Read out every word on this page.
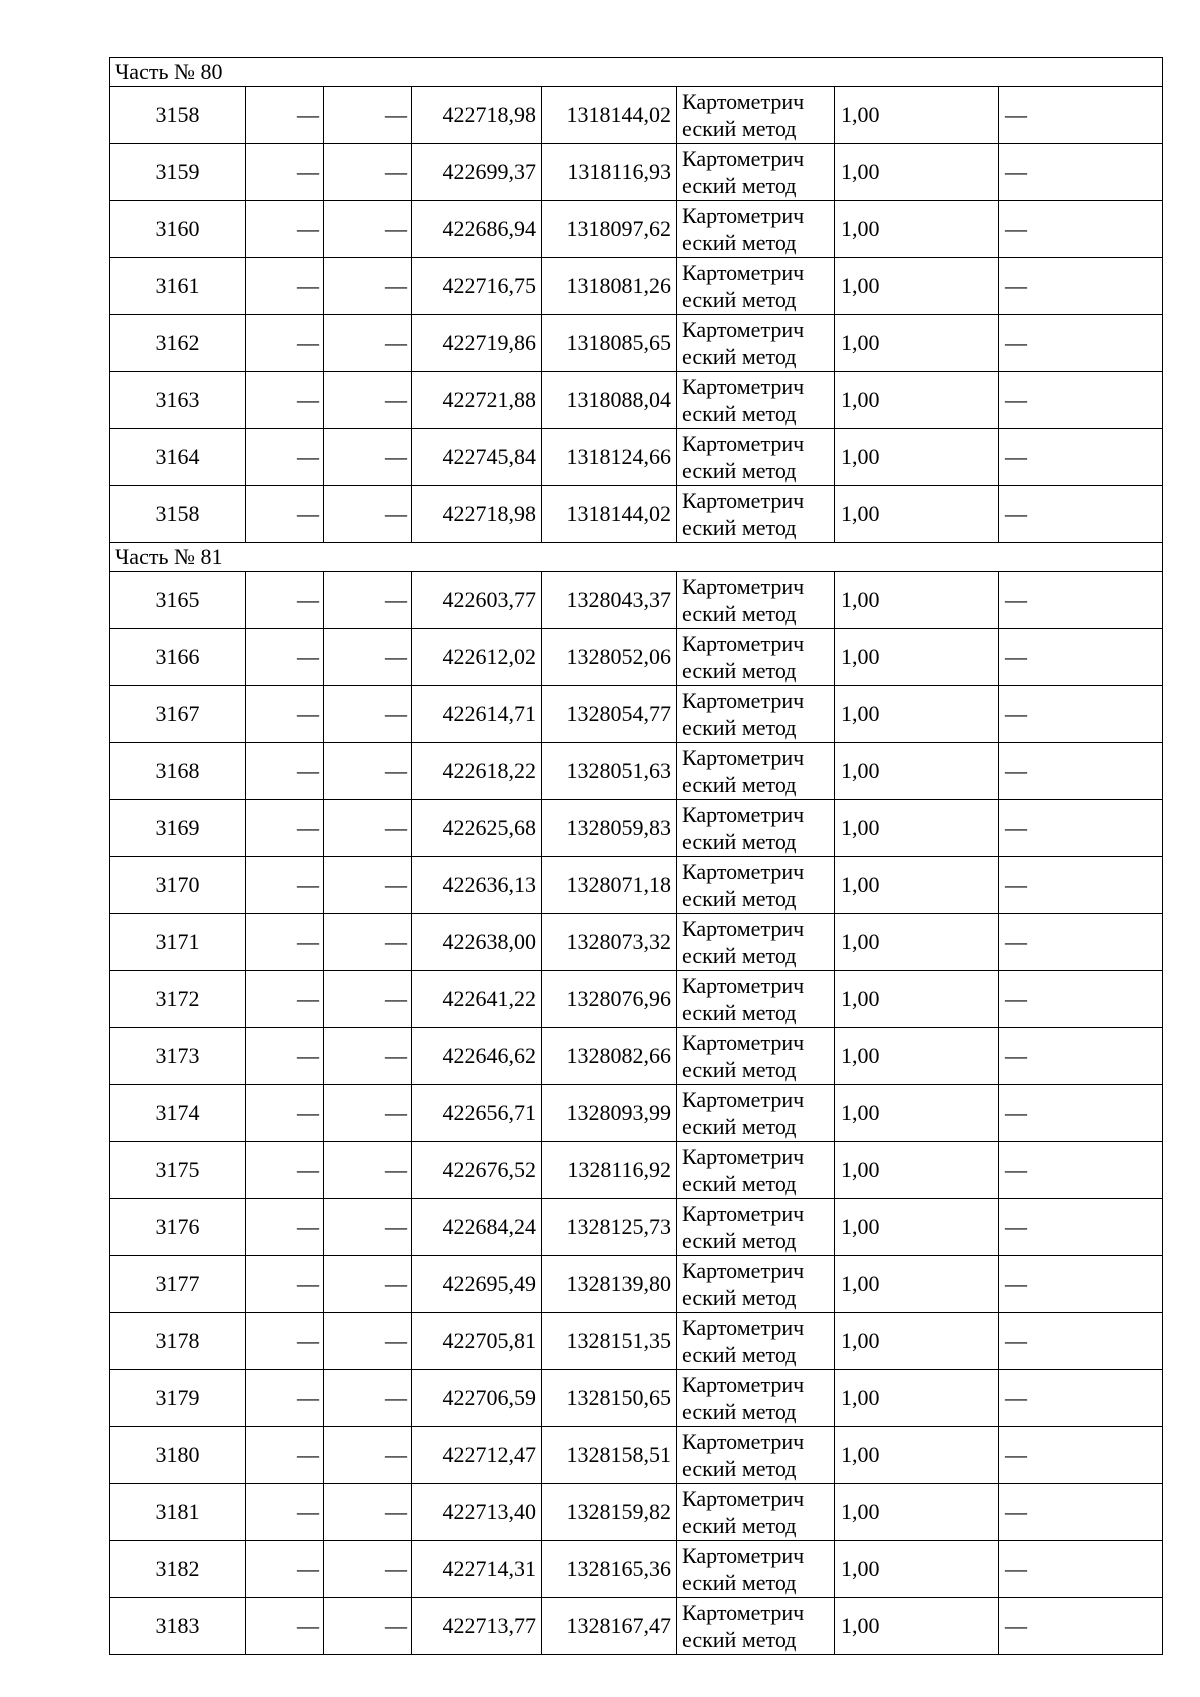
Часть № 80							
3158	—	—	422718,98	1318144,02	Картометрич
еский метод	1,00	—
3159	—	—	422699,37	1318116,93	Картометрич
еский метод	1,00	—
3160	—	—	422686,94	1318097,62	Картометрич
еский метод	1,00	—
3161	—	—	422716,75	1318081,26	Картометрич
еский метод	1,00	—
3162	—	—	422719,86	1318085,65	Картометрич
еский метод	1,00	—
3163	—	—	422721,88	1318088,04	Картометрич
еский метод	1,00	—
3164	—	—	422745,84	1318124,66	Картометрич
еский метод	1,00	—
3158	—	—	422718,98	1318144,02	Картометрич
еский метод	1,00	—
Часть № 81							
3165	—	—	422603,77	1328043,37	Картометрич
еский метод	1,00	—
3166	—	—	422612,02	1328052,06	Картометрич
еский метод	1,00	—
3167	—	—	422614,71	1328054,77	Картометрич
еский метод	1,00	—
3168	—	—	422618,22	1328051,63	Картометрич
еский метод	1,00	—
3169	—	—	422625,68	1328059,83	Картометрич
еский метод	1,00	—
3170	—	—	422636,13	1328071,18	Картометрич
еский метод	1,00	—
3171	—	—	422638,00	1328073,32	Картометрич
еский метод	1,00	—
3172	—	—	422641,22	1328076,96	Картометрич
еский метод	1,00	—
3173	—	—	422646,62	1328082,66	Картометрич
еский метод	1,00	—
3174	—	—	422656,71	1328093,99	Картометрич
еский метод	1,00	—
3175	—	—	422676,52	1328116,92	Картометрич
еский метод	1,00	—
3176	—	—	422684,24	1328125,73	Картометрич
еский метод	1,00	—
3177	—	—	422695,49	1328139,80	Картометрич
еский метод	1,00	—
3178	—	—	422705,81	1328151,35	Картометрич
еский метод	1,00	—
3179	—	—	422706,59	1328150,65	Картометрич
еский метод	1,00	—
3180	—	—	422712,47	1328158,51	Картометрич
еский метод	1,00	—
3181	—	—	422713,40	1328159,82	Картометрич
еский метод	1,00	—
3182	—	—	422714,31	1328165,36	Картометрич
еский метод	1,00	—
3183	—	—	422713,77	1328167,47	Картометрич
еский метод	1,00	—
